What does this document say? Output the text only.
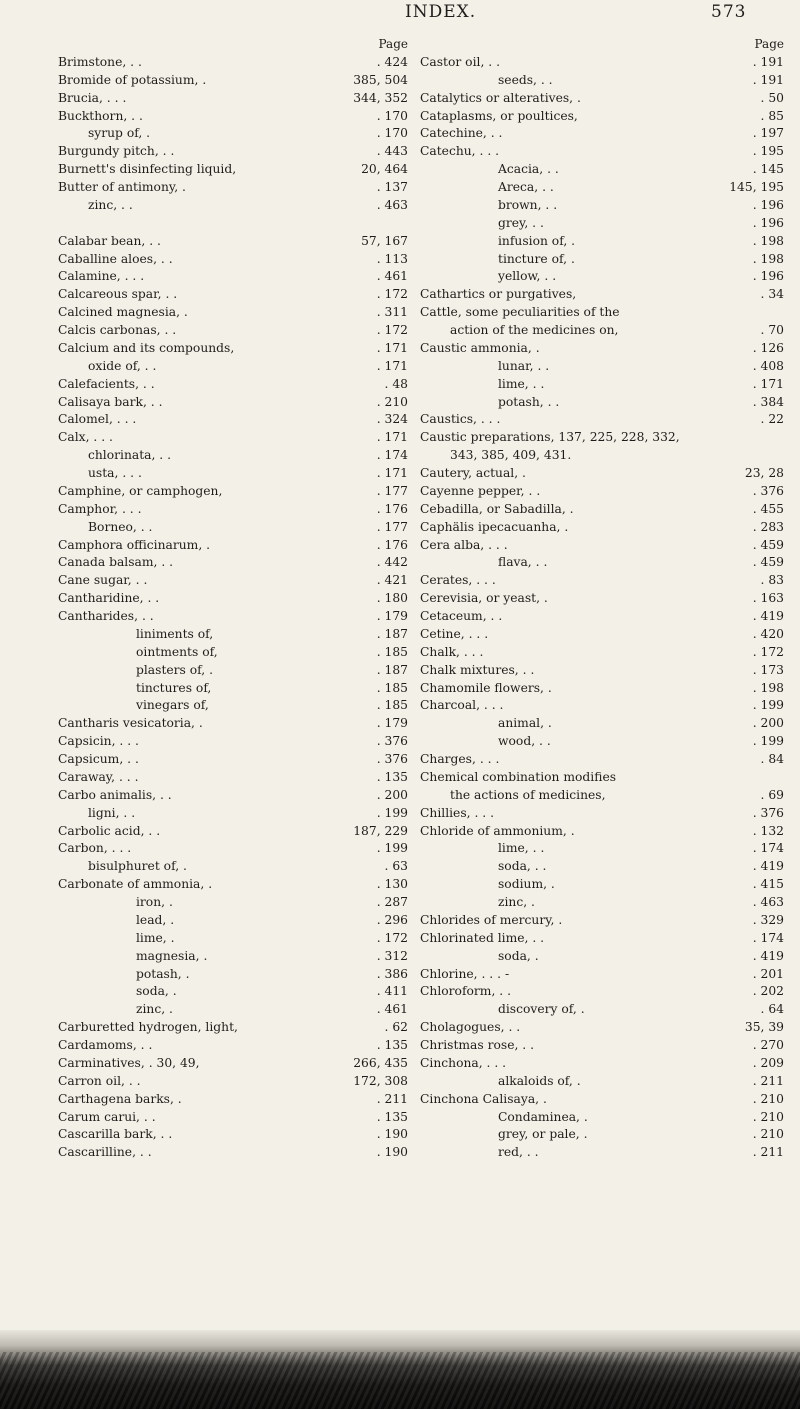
INDEX.	573
Page
Brimstone, . .	. 424
Bromide of potassium, .	385, 504
Brucia, . . .	344, 352
Buckthorn, . .	. 170
syrup of, .	. 170
Burgundy pitch, . .	. 443
Burnett's disinfecting liquid,	20, 464
Butter of antimony, .	. 137
zinc, . .	. 463
Calabar bean, . .	57, 167
Caballine aloes, . .	. 113
Calamine, . . .	. 461
Calcareous spar, . .	. 172
Calcined magnesia, .	. 311
Calcis carbonas, . .	. 172
Calcium and its compounds,	. 171
oxide of, . .	. 171
Calefacients, . .	. 48
Calisaya bark, . .	. 210
Calomel, . . .	. 324
Calx, . . .	. 171
chlorinata, . .	. 174
usta, . . .	. 171
Camphine, or camphogen,	. 177
Camphor, . . .	. 176
Borneo, . .	. 177
Camphora officinarum, .	. 176
Canada balsam, . .	. 442
Cane sugar, . .	. 421
Cantharidine, . .	. 180
Cantharides, . .	. 179
liniments of,	. 187
ointments of,	. 185
plasters of, .	. 187
tinctures of,	. 185
vinegars of,	. 185
Cantharis vesicatoria, .	. 179
Capsicin, . . .	. 376
Capsicum, . .	. 376
Caraway, . . .	. 135
Carbo animalis, . .	. 200
ligni, . .	. 199
Carbolic acid, . .	187, 229
Carbon, . . .	. 199
bisulphuret of, .	. 63
Carbonate of ammonia, .	. 130
iron, .	. 287
lead, .	. 296
lime, .	. 172
magnesia, .	. 312
potash, .	. 386
soda, .	. 411
zinc, .	. 461
Carburetted hydrogen, light,	. 62
Cardamoms, . .	. 135
Carminatives, . 30, 49,	266, 435
Carron oil, . .	172, 308
Carthagena barks, .	. 211
Carum carui, . .	. 135
Cascarilla bark, . .	. 190
Cascarilline, . .	. 190
Page
Castor oil, . .	. 191
seeds, . .	. 191
Catalytics or alteratives, .	. 50
Cataplasms, or poultices,	. 85
Catechine, . .	. 197
Catechu, . . .	. 195
Acacia, . .	. 145
Areca, . .	145, 195
brown, . .	. 196
grey, . .	. 196
infusion of, .	. 198
tincture of, .	. 198
yellow, . .	. 196
Cathartics or purgatives,	. 34
Cattle, some peculiarities of the
action of the medicines on,	. 70
Caustic ammonia, .	. 126
lunar, . .	. 408
lime, . .	. 171
potash, . .	. 384
Caustics, . . .	. 22
Caustic preparations, 137, 225, 228, 332,
343, 385, 409, 431.
Cautery, actual, .	23, 28
Cayenne pepper, . .	. 376
Cebadilla, or Sabadilla, .	. 455
Caphälis ipecacuanha, .	. 283
Cera alba, . . .	. 459
flava, . .	. 459
Cerates, . . .	. 83
Cerevisia, or yeast, .	. 163
Cetaceum, . .	. 419
Cetine, . . .	. 420
Chalk, . . .	. 172
Chalk mixtures, . .	. 173
Chamomile flowers, .	. 198
Charcoal, . . .	. 199
animal, .	. 200
wood, . .	. 199
Charges, . . .	. 84
Chemical combination modifies
the actions of medicines,	. 69
Chillies, . . .	. 376
Chloride of ammonium, .	. 132
lime, . .	. 174
soda, . .	. 419
sodium, .	. 415
zinc, .	. 463
Chlorides of mercury, .	. 329
Chlorinated lime, . .	. 174
soda, .	. 419
Chlorine, . . . -	. 201
Chloroform, . .	. 202
discovery of, .	. 64
Cholagogues, . .	35, 39
Christmas rose, . .	. 270
Cinchona, . . .	. 209
alkaloids of, .	. 211
Cinchona Calisaya, .	. 210
Condaminea, .	. 210
grey, or pale, .	. 210
red, . .	. 211
